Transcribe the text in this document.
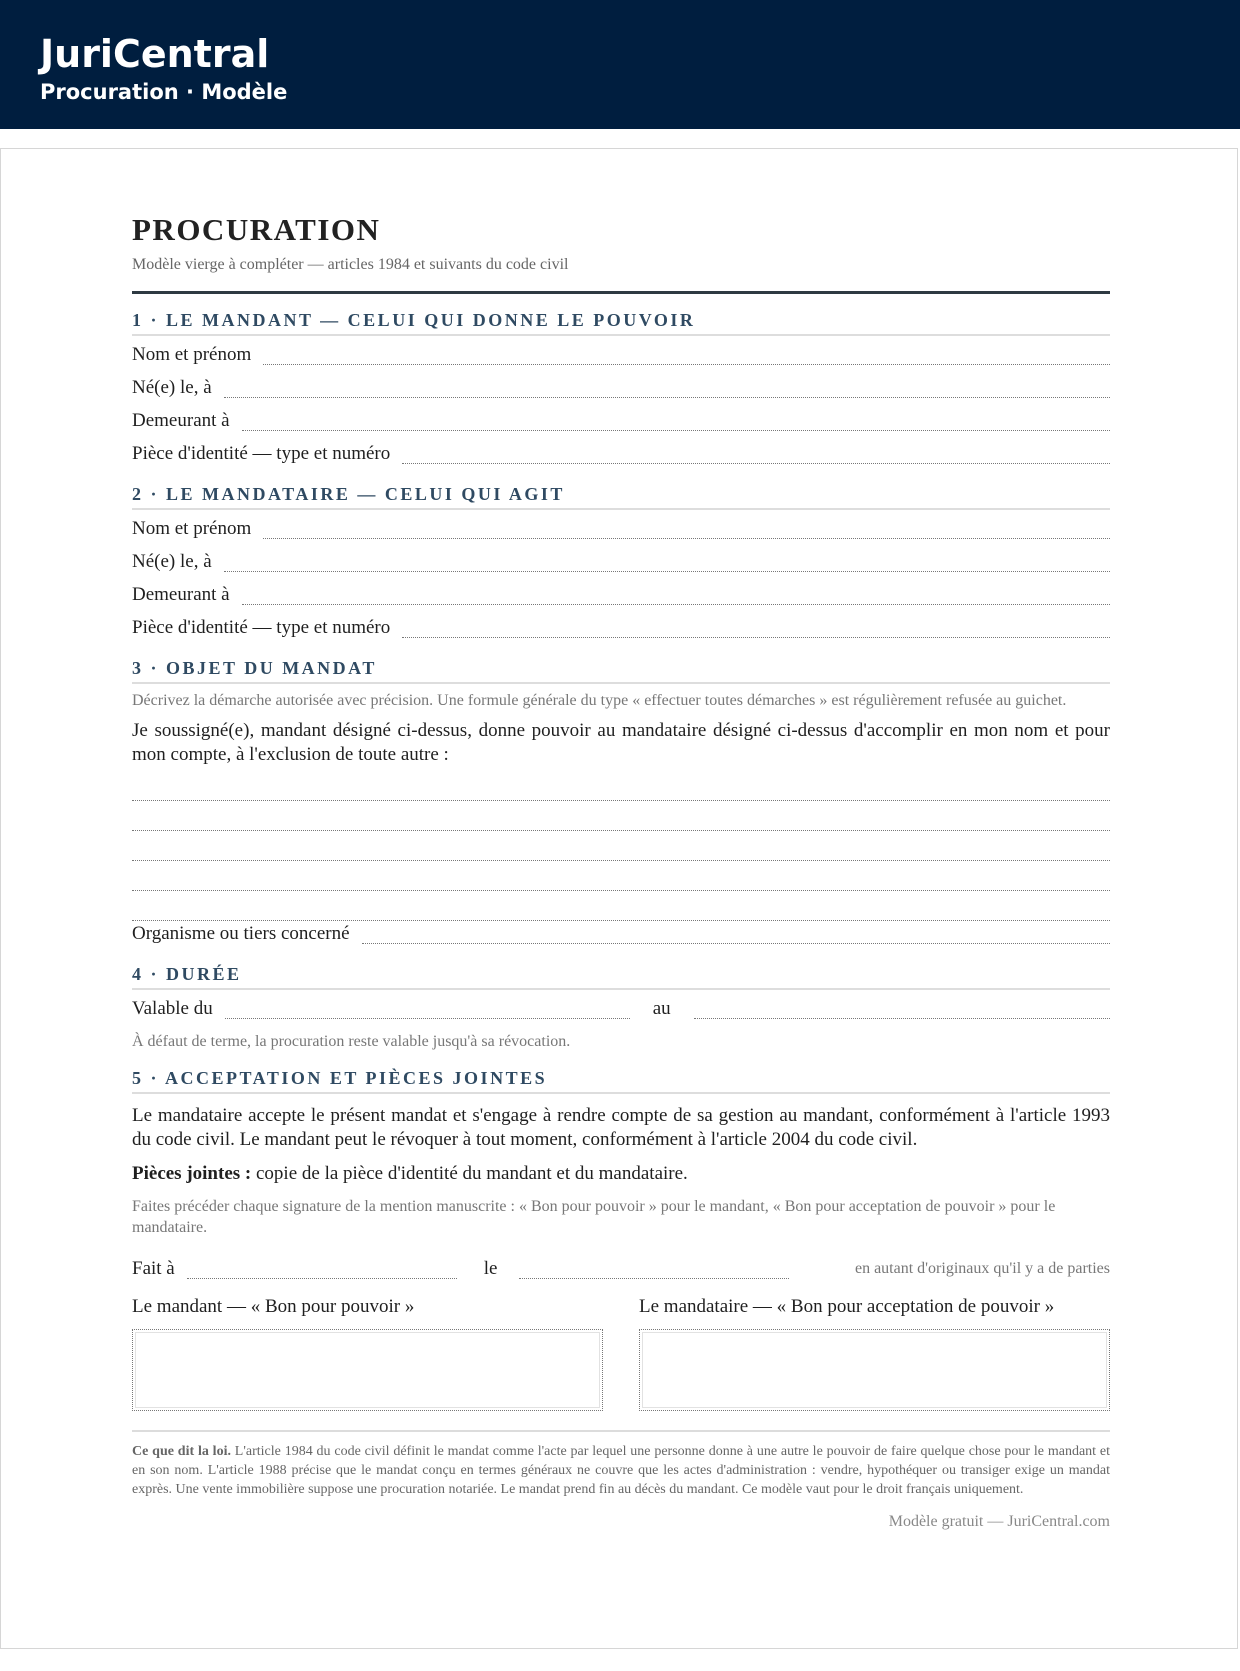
JuriCentral
Procuration · Modèle
PROCURATION
Modèle vierge à compléter — articles 1984 et suivants du code civil
1 · LE MANDANT — CELUI QUI DONNE LE POUVOIR
Nom et prénom
Né(e) le, à
Demeurant à
Pièce d'identité — type et numéro
2 · LE MANDATAIRE — CELUI QUI AGIT
Nom et prénom
Né(e) le, à
Demeurant à
Pièce d'identité — type et numéro
3 · OBJET DU MANDAT
Décrivez la démarche autorisée avec précision. Une formule générale du type « effectuer toutes démarches » est régulièrement refusée au guichet.
Je soussigné(e), mandant désigné ci-dessus, donne pouvoir au mandataire désigné ci-dessus d'accomplir en mon nom et pour mon compte, à l'exclusion de toute autre :
Organisme ou tiers concerné
4 · DURÉE
Valable du	au
À défaut de terme, la procuration reste valable jusqu'à sa révocation.
5 · ACCEPTATION ET PIÈCES JOINTES
Le mandataire accepte le présent mandat et s'engage à rendre compte de sa gestion au mandant, conformément à l'article 1993 du code civil. Le mandant peut le révoquer à tout moment, conformément à l'article 2004 du code civil.
Pièces jointes : copie de la pièce d'identité du mandant et du mandataire.
Faites précéder chaque signature de la mention manuscrite : « Bon pour pouvoir » pour le mandant, « Bon pour acceptation de pouvoir » pour le mandataire.
Fait à	le	en autant d'originaux qu'il y a de parties
Le mandant — « Bon pour pouvoir »	Le mandataire — « Bon pour acceptation de pouvoir »
Ce que dit la loi. L'article 1984 du code civil définit le mandat comme l'acte par lequel une personne donne à une autre le pouvoir de faire quelque chose pour le mandant et en son nom. L'article 1988 précise que le mandat conçu en termes généraux ne couvre que les actes d'administration : vendre, hypothéquer ou transiger exige un mandat exprès. Une vente immobilière suppose une procuration notariée. Le mandat prend fin au décès du mandant. Ce modèle vaut pour le droit français uniquement.
Modèle gratuit — JuriCentral.com
